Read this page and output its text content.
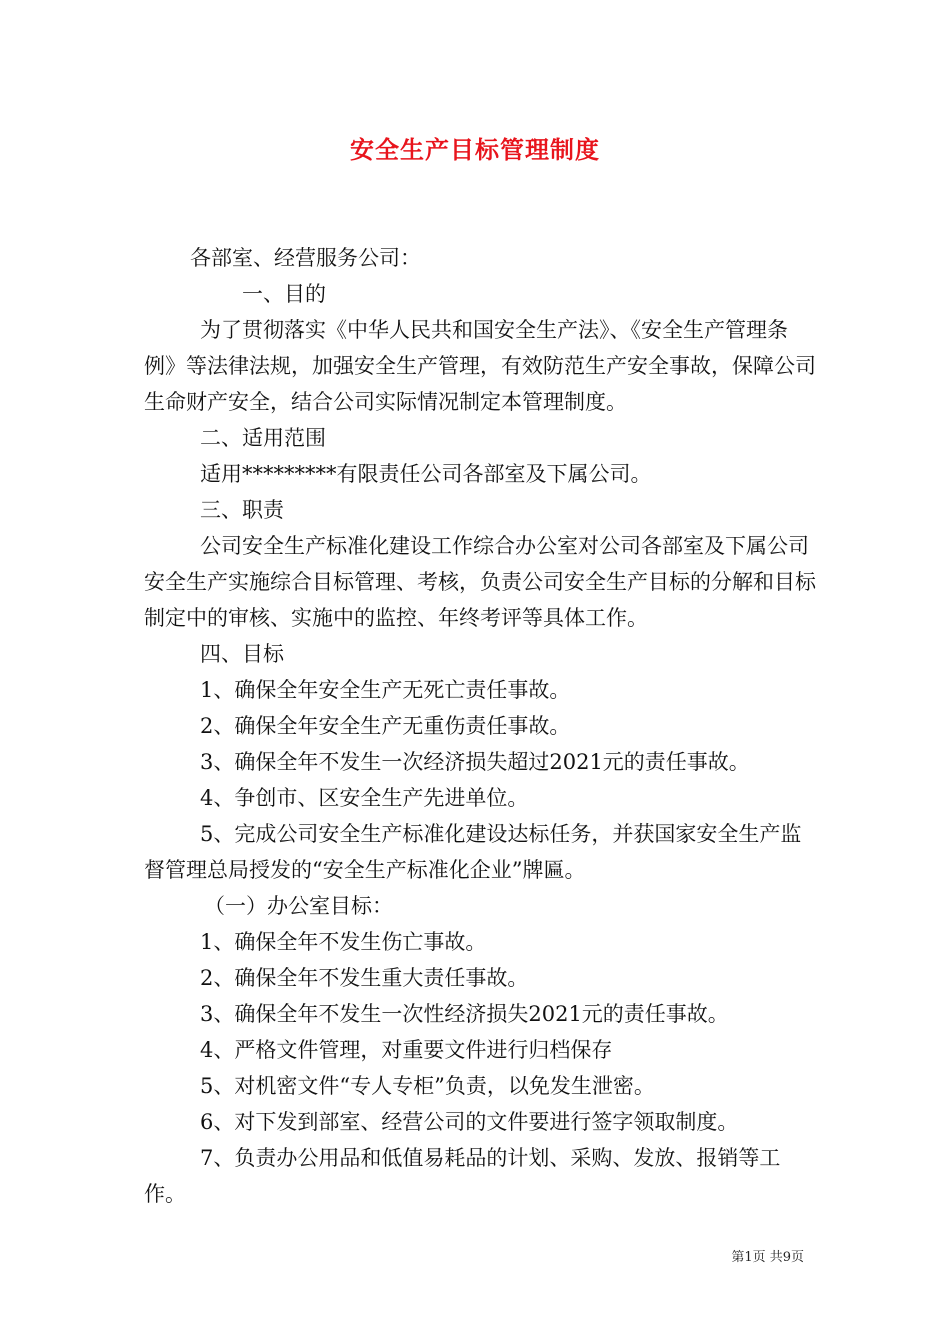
安全生产目标管理制度

各部室、经营服务公司：

一、目的

为了贯彻落实《中华人民共和国安全生产法》、《安全生产管理条例》等法律法规，加强安全生产管理，有效防范生产安全事故，保障公司生命财产安全，结合公司实际情况制定本管理制度。

二、适用范围

适用*********有限责任公司各部室及下属公司。

三、职责

公司安全生产标准化建设工作综合办公室对公司各部室及下属公司安全生产实施综合目标管理、考核，负责公司安全生产目标的分解和目标制定中的审核、实施中的监控、年终考评等具体工作。

四、目标

1、确保全年安全生产无死亡责任事故。

2、确保全年安全生产无重伤责任事故。

3、确保全年不发生一次经济损失超过2021元的责任事故。

4、争创市、区安全生产先进单位。

5、完成公司安全生产标准化建设达标任务，并获国家安全生产监督管理总局授发的“安全生产标准化企业”牌匾。

（一）办公室目标：

1、确保全年不发生伤亡事故。

2、确保全年不发生重大责任事故。

3、确保全年不发生一次性经济损失2021元的责任事故。

4、严格文件管理，对重要文件进行归档保存

5、对机密文件“专人专柜”负责，以免发生泄密。

6、对下发到部室、经营公司的文件要进行签字领取制度。

7、负责办公用品和低值易耗品的计划、采购、发放、报销等工作。

第1页 共9页
